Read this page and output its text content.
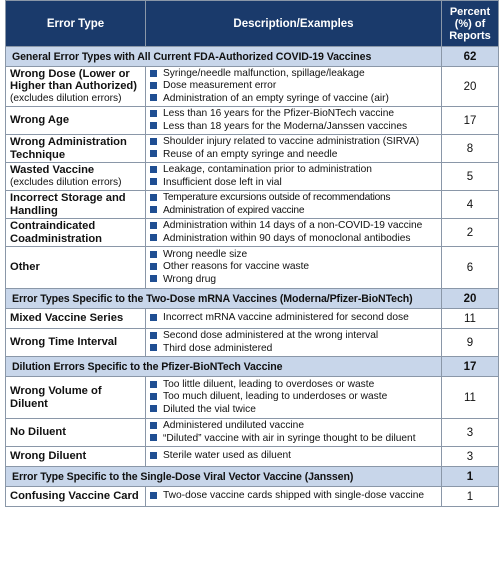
Error Type	Description/Examples	Percent
(%) of
Reports

General Error Types with All Current FDA-Authorized COVID-19 Vaccines		62
Wrong Dose (Lower or Higher than Authorized)
(excludes dilution errors)	Syringe/needle malfunction, spillage/leakage
Dose measurement error
Administration of an empty syringe of vaccine (air)	20
Wrong Age	Less than 16 years for the Pfizer-BioNTech vaccine
Less than 18 years for the Moderna/Janssen vaccines	17
Wrong Administration Technique	Shoulder injury related to vaccine administration (SIRVA)
Reuse of an empty syringe and needle	8
Wasted Vaccine
(excludes dilution errors)	Leakage, contamination prior to administration
Insufficient dose left in vial	5
Incorrect Storage and Handling	Temperature excursions outside of recommendations
Administration of expired vaccine	4
Contraindicated Coadministration	Administration within 14 days of a non-COVID-19 vaccine
Administration within 90 days of monoclonal antibodies	2
Other	Wrong needle size
Other reasons for vaccine waste
Wrong drug	6
Error Types Specific to the Two-Dose mRNA Vaccines (Moderna/Pfizer-BioNTech)		20
Mixed Vaccine Series	Incorrect mRNA vaccine administered for second dose	11
Wrong Time Interval	Second dose administered at the wrong interval
Third dose administered	9
Dilution Errors Specific to the Pfizer-BioNTech Vaccine		17
Wrong Volume of Diluent	Too little diluent, leading to overdoses or waste
Too much diluent, leading to underdoses or waste
Diluted the vial twice	11
No Diluent	Administered undiluted vaccine
“Diluted” vaccine with air in syringe thought to be diluent	3
Wrong Diluent	Sterile water used as diluent	3
Error Type Specific to the Single-Dose Viral Vector Vaccine (Janssen)		1
Confusing Vaccine Card	Two-dose vaccine cards shipped with single-dose vaccine	1
